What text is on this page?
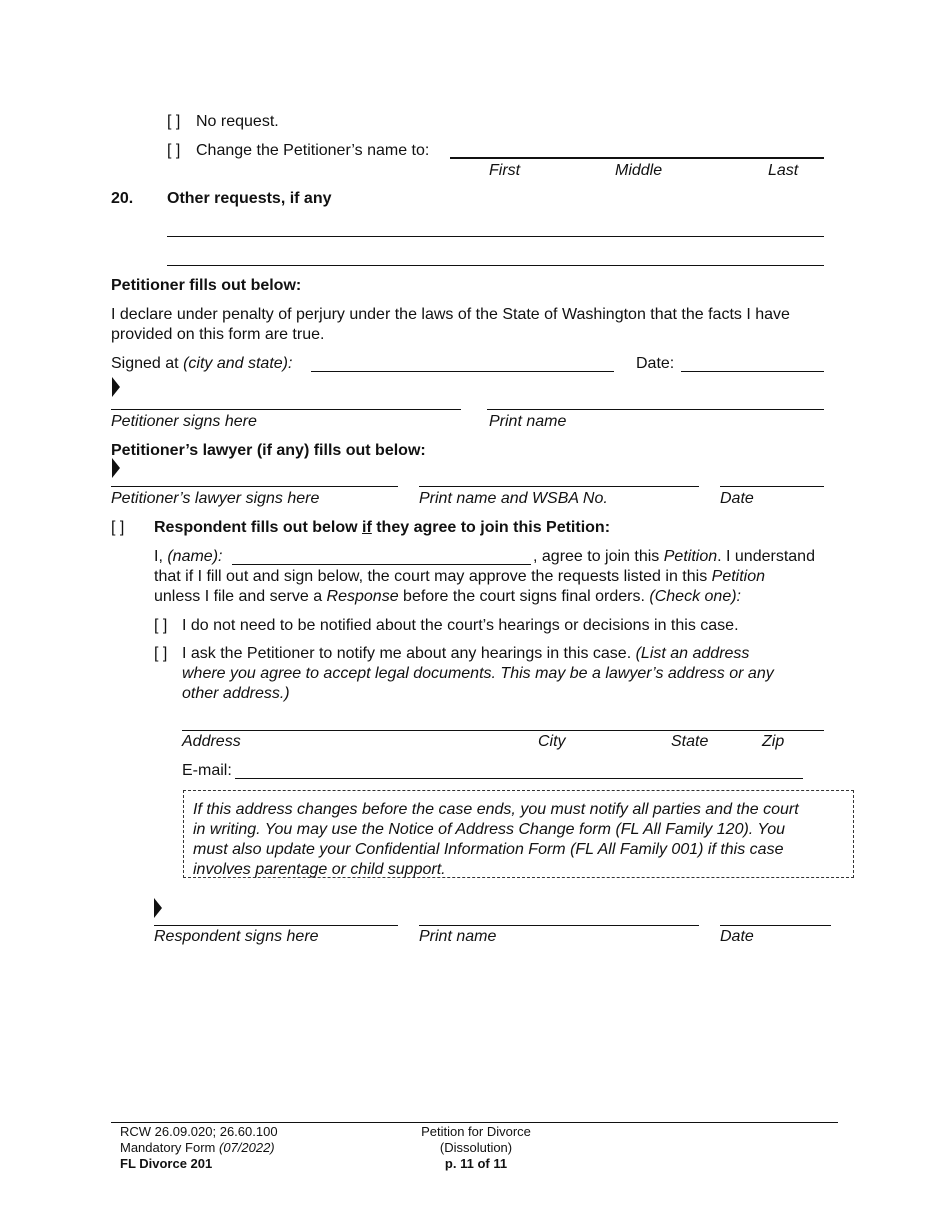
[ ] No request.
[ ] Change the Petitioner’s name to:
First	Middle	Last
20. Other requests, if any
Petitioner fills out below:
I declare under penalty of perjury under the laws of the State of Washington that the facts I have provided on this form are true.
Signed at (city and state):	Date:
Petitioner signs here	Print name
Petitioner’s lawyer (if any) fills out below:
Petitioner’s lawyer signs here	Print name and WSBA No.	Date
[ ] Respondent fills out below if they agree to join this Petition:
I, (name):	, agree to join this Petition. I understand
that if I fill out and sign below, the court may approve the requests listed in this Petition
unless I file and serve a Response before the court signs final orders. (Check one):
[ ] I do not need to be notified about the court’s hearings or decisions in this case.
[ ] I ask the Petitioner to notify me about any hearings in this case. (List an address
where you agree to accept legal documents. This may be a lawyer’s address or any
other address.)
Address	City	State	Zip
E-mail:
If this address changes before the case ends, you must notify all parties and the court
in writing. You may use the Notice of Address Change form (FL All Family 120). You
must also update your Confidential Information Form (FL All Family 001) if this case
involves parentage or child support.
Respondent signs here	Print name	Date
RCW 26.09.020; 26.60.100
Mandatory Form (07/2022)
FL Divorce 201
Petition for Divorce
(Dissolution)
p. 11 of 11
